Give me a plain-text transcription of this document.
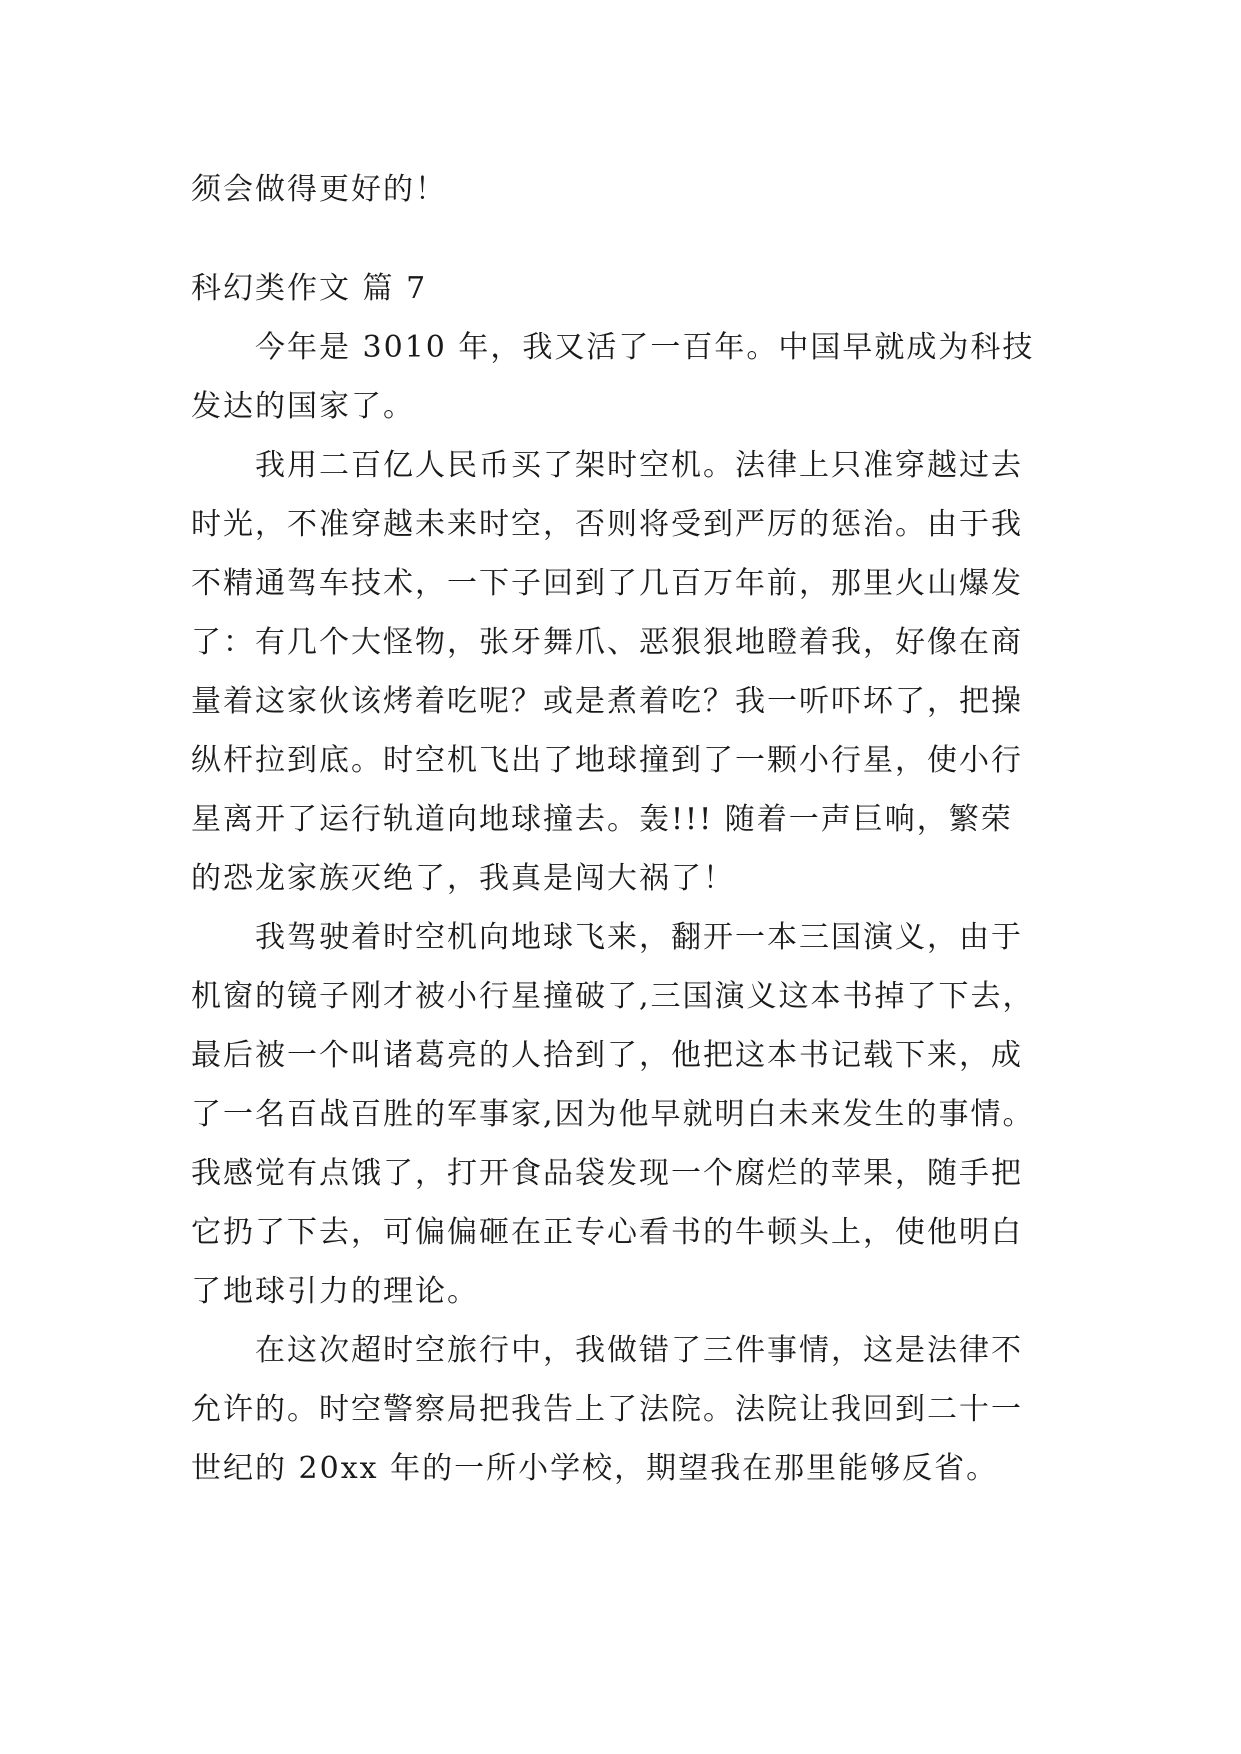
须会做得更好的！
科幻类作文 篇 7
今年是 3010 年，我又活了一百年。中国早就成为科技
发达的国家了。
我用二百亿人民币买了架时空机。法律上只准穿越过去
时光，不准穿越未来时空，否则将受到严厉的惩治。由于我
不精通驾车技术，一下子回到了几百万年前，那里火山爆发
了：有几个大怪物，张牙舞爪、恶狠狠地瞪着我，好像在商
量着这家伙该烤着吃呢？或是煮着吃？我一听吓坏了，把操
纵杆拉到底。时空机飞出了地球撞到了一颗小行星，使小行
星离开了运行轨道向地球撞去。轰!!! 随着一声巨响，繁荣
的恐龙家族灭绝了，我真是闯大祸了！
我驾驶着时空机向地球飞来，翻开一本三国演义，由于
机窗的镜子刚才被小行星撞破了,三国演义这本书掉了下去，
最后被一个叫诸葛亮的人拾到了，他把这本书记载下来，成
了一名百战百胜的军事家,因为他早就明白未来发生的事情。
我感觉有点饿了，打开食品袋发现一个腐烂的苹果，随手把
它扔了下去，可偏偏砸在正专心看书的牛顿头上，使他明白
了地球引力的理论。
在这次超时空旅行中，我做错了三件事情，这是法律不
允许的。时空警察局把我告上了法院。法院让我回到二十一
世纪的 20xx 年的一所小学校，期望我在那里能够反省。
